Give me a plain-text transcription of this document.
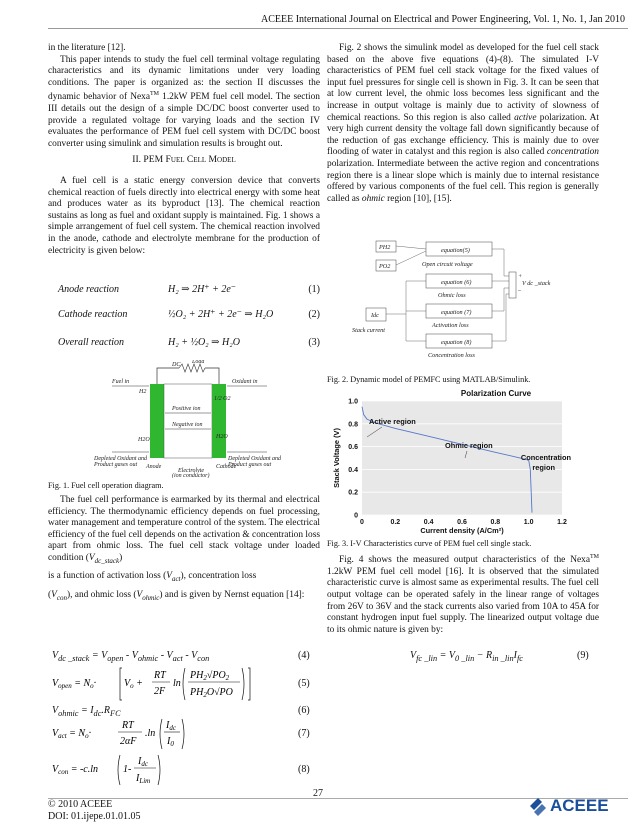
ACEEE International Journal on Electrical and Power Engineering, Vol. 1, No. 1, Jan 2010

in the literature [12].

This paper intends to study the fuel cell terminal voltage regulating characteristics and its dynamic limitations under very loading conditions. The paper is organized as: the section II discusses the dynamic behavior of Nexa™ 1.2kW PEM fuel cell model. The section III details out the design of a simple DC/DC boost converter used to provide a regulated voltage for varying loads and the section IV evaluates the performance of PEM fuel cell system with DC/DC boost converter using simulink and simulation results is brought out.

II. PEM Fuel Cell Model

A fuel cell is a static energy conversion device that converts chemical reaction of fuels directly into electrical energy with some heat and produces water as its byproduct [13]. The chemical reaction sustains as long as fuel and oxidant supply is maintained. Fig. 1 shows a simple arrangement of fuel cell system. The chemical reaction involved in the anode, cathode and electrolyte membrane for the production of electricity is given below:

Anode reaction	H₂ ⇒ 2H⁺ + 2e⁻	(1)
Cathode reaction	½O₂ + 2H⁺ + 2e⁻ ⇒ H₂O	(2)
Overall reaction	H₂ + ½O₂ ⇒ H₂O	(3)
DC Load
Fuel in	Oxidant in
H2
1/2 O2
Positive ion
Negative ion
H2O	H2O
Depleted Oxidant and Product gases out
Depleted Oxidant and Product gases out
Anode	Cathode
Electrolyte (ion conductor)
Fig. 1. Fuel cell operation diagram.

The fuel cell performance is earmarked by its thermal and electrical efficiency. The thermodynamic efficiency depends on fuel processing, water management and temperature control of the system. The electrical efficiency of the fuel cell depends on the activation & concentration loss apart from ohmic loss. The fuel cell stack voltage under loaded condition $(V_{dc\_stack})$

is a function of activation loss $(V_{act})$, concentration loss

$(V_{con})$, and ohmic loss $(V_{ohmic})$ and is given by Nernst equation [14]:

$V_{dc \_stack} = V_{open} - V_{ohmic} - V_{act} - V_{con}$	(4)
$V_{open} = N_o\cdot$	$V_o$ +
RT
2F
ln
$PH_2√PO_2$
$PH_2O√PO$
(5)
$V_{ohmic} = I_{dc}.R_{FC}$	(6)
$V_{act} = N_o\cdot$
RT
2αF
.ln
$I_{dc}$
$I_0$
(7)
$V_{con} = -c.\ln$ 1-
$I_{dc}$
$I_{Lim}$
(8)

Fig. 2 shows the simulink model as developed for the fuel cell stack based on the above five equations (4)-(8). The simulated I-V characteristics of PEM fuel cell stack voltage for the fixed values of input fuel pressures for single cell is shown in Fig. 3. It can be seen that at low current level, the ohmic loss becomes less significant and the increase in output voltage is mainly due to activity of slowness of chemical reactions. So this region is also called active polarization. At very high current density the voltage fall down significantly because of the reduction of gas exchange efficiency. This is mainly due to over flooding of water in catalyst and this region is also called concentration polarization. Intermediate between the active region and concentrations region there is a linear slope which is mainly due to internal resistance offered by various components of the fuel cell. This region is generally called as ohmic region [10], [15].

PH2
PO2
equation(5)
Open circuit voltage
equation (6)
Ohmic loss
Idc
Stack current
equation (7)
Activation loss
equation (8)
Concentration loss
+
–
V dc _stack
Fig. 2. Dynamic model of PEMFC using MATLAB/Simulink.
Polarization Curve
0
0.2
0.4
0.6
0.8
1.0
0	0.2	0.4	0.6	0.8	1.0	1.2
Active region
Ohmic region
Concentration region
Current density (A/Cm²)
Stack Voltage (V)
Fig. 3. I-V Characteristics curve of PEM fuel cell single stack.

Fig. 4 shows the measured output characteristics of the Nexa™ 1.2kW PEM fuel cell model [16]. It is observed that the simulated characteristic curve is almost same as experimental results. The fuel cell output voltage can be operated safely in the linear range of voltages from 26V to 36V and the stack currents also varied from 10A to 45A for constant hydrogen input fuel supply. The linearized output voltage due to its ohmic nature is given by:

$V_{fc \_lin} = V_{0 \_lin} - R_{in \_lin}I_{fc}$	(9)
27
© 2010 ACEEE
DOI: 01.ijepe.01.01.05
ACEEE
